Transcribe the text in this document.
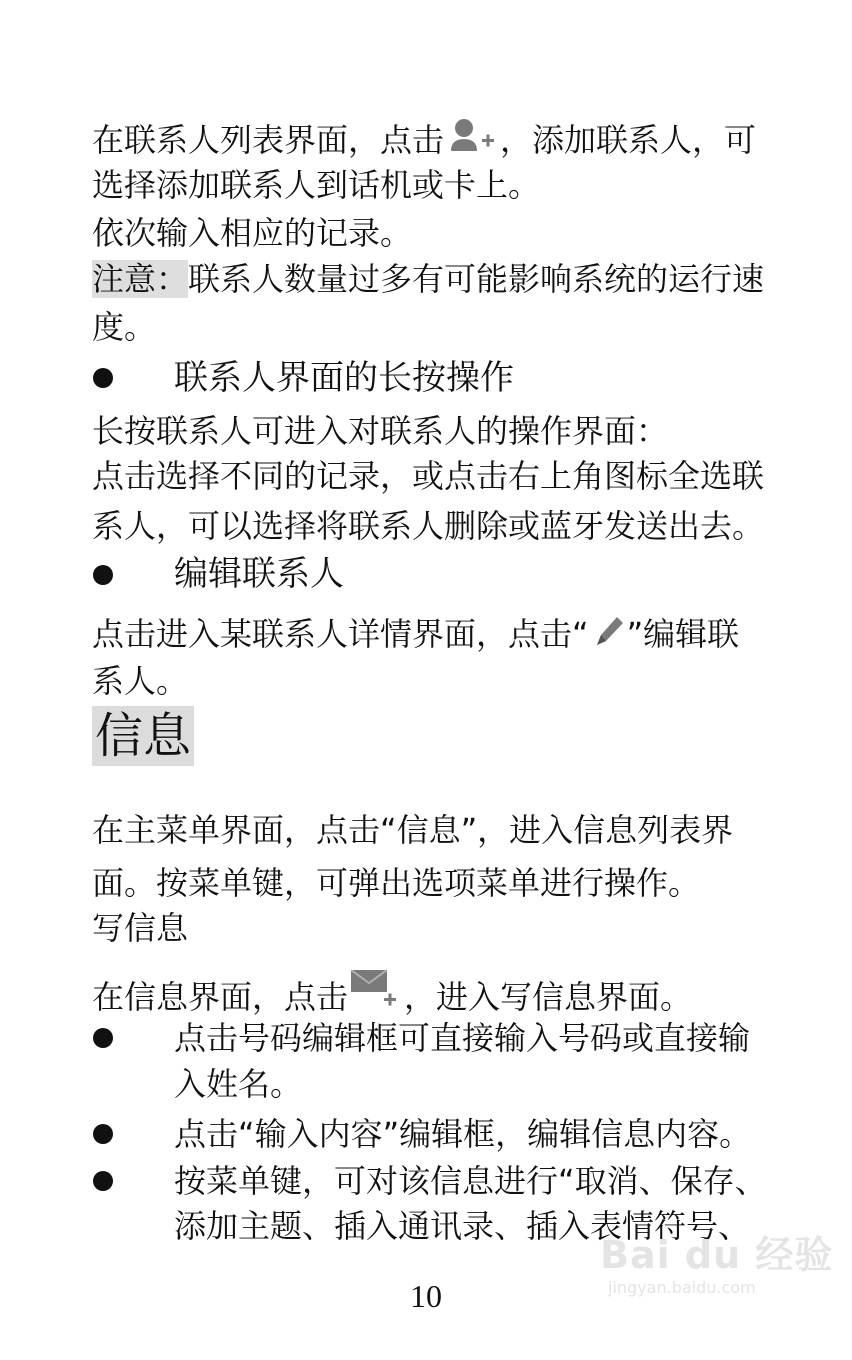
在联系人列表界面，点击 ，添加联系人，可
选择添加联系人到话机或卡上。
依次输入相应的记录。
注意：联系人数量过多有可能影响系统的运行速
度。
联系人界面的长按操作
长按联系人可进入对联系人的操作界面：
点击选择不同的记录，或点击右上角图标全选联
系人，可以选择将联系人删除或蓝牙发送出去。
编辑联系人
点击进入某联系人详情界面，点击“ ”编辑联
系人。
信息
在主菜单界面，点击“信息”，进入信息列表界
面。按菜单键，可弹出选项菜单进行操作。
写信息
在信息界面，点击 ，进入写信息界面。
点击号码编辑框可直接输入号码或直接输
入姓名。
点击“输入内容”编辑框，编辑信息内容。
按菜单键，可对该信息进行“取消、保存、
添加主题、插入通讯录、插入表情符号、
Bai du 经验
jingyan.baidu.com
10
